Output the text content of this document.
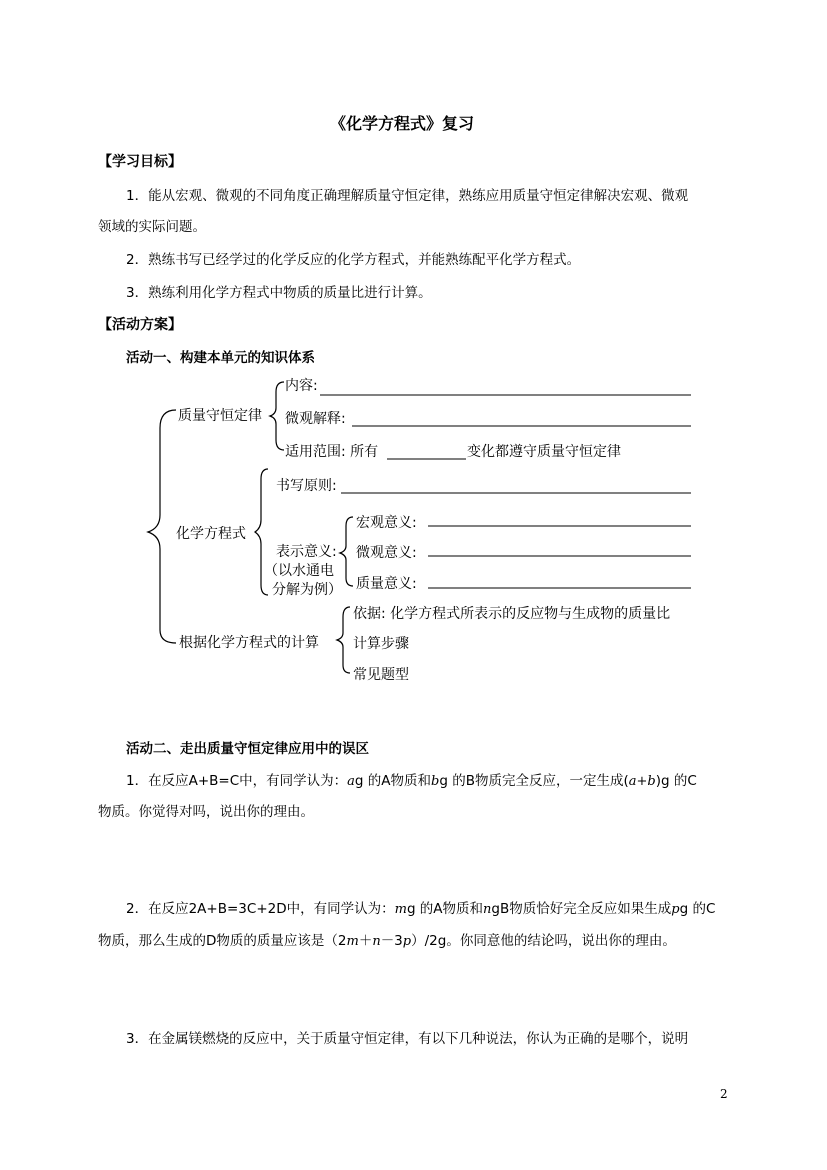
《化学方程式》复习
【学习目标】
1．能从宏观、微观的不同角度正确理解质量守恒定律，熟练应用质量守恒定律解决宏观、微观
领域的实际问题。
2．熟练书写已经学过的化学反应的化学方程式，并能熟练配平化学方程式。
3．熟练利用化学方程式中物质的质量比进行计算。
【活动方案】
活动一、构建本单元的知识体系
质量守恒定律
内容:
微观解释:
适用范围: 所有	变化都遵守质量守恒定律
化学方程式
书写原则:
表示意义:
（以水通电
分解为例）
宏观意义:
微观意义:
质量意义:
根据化学方程式的计算
依据: 化学方程式所表示的反应物与生成物的质量比
计算步骤
常见题型
活动二、走出质量守恒定律应用中的误区
1．在反应A+B=C中，有同学认为：ag 的A物质和bg 的B物质完全反应，一定生成(a+b)g 的C
物质。你觉得对吗，说出你的理由。
2．在反应2A+B=3C+2D中，有同学认为：mg 的A物质和ngB物质恰好完全反应如果生成pg 的C
物质，那么生成的D物质的质量应该是（2m＋n－3p）/2g。你同意他的结论吗，说出你的理由。
3．在金属镁燃烧的反应中，关于质量守恒定律，有以下几种说法，你认为正确的是哪个，说明
2
